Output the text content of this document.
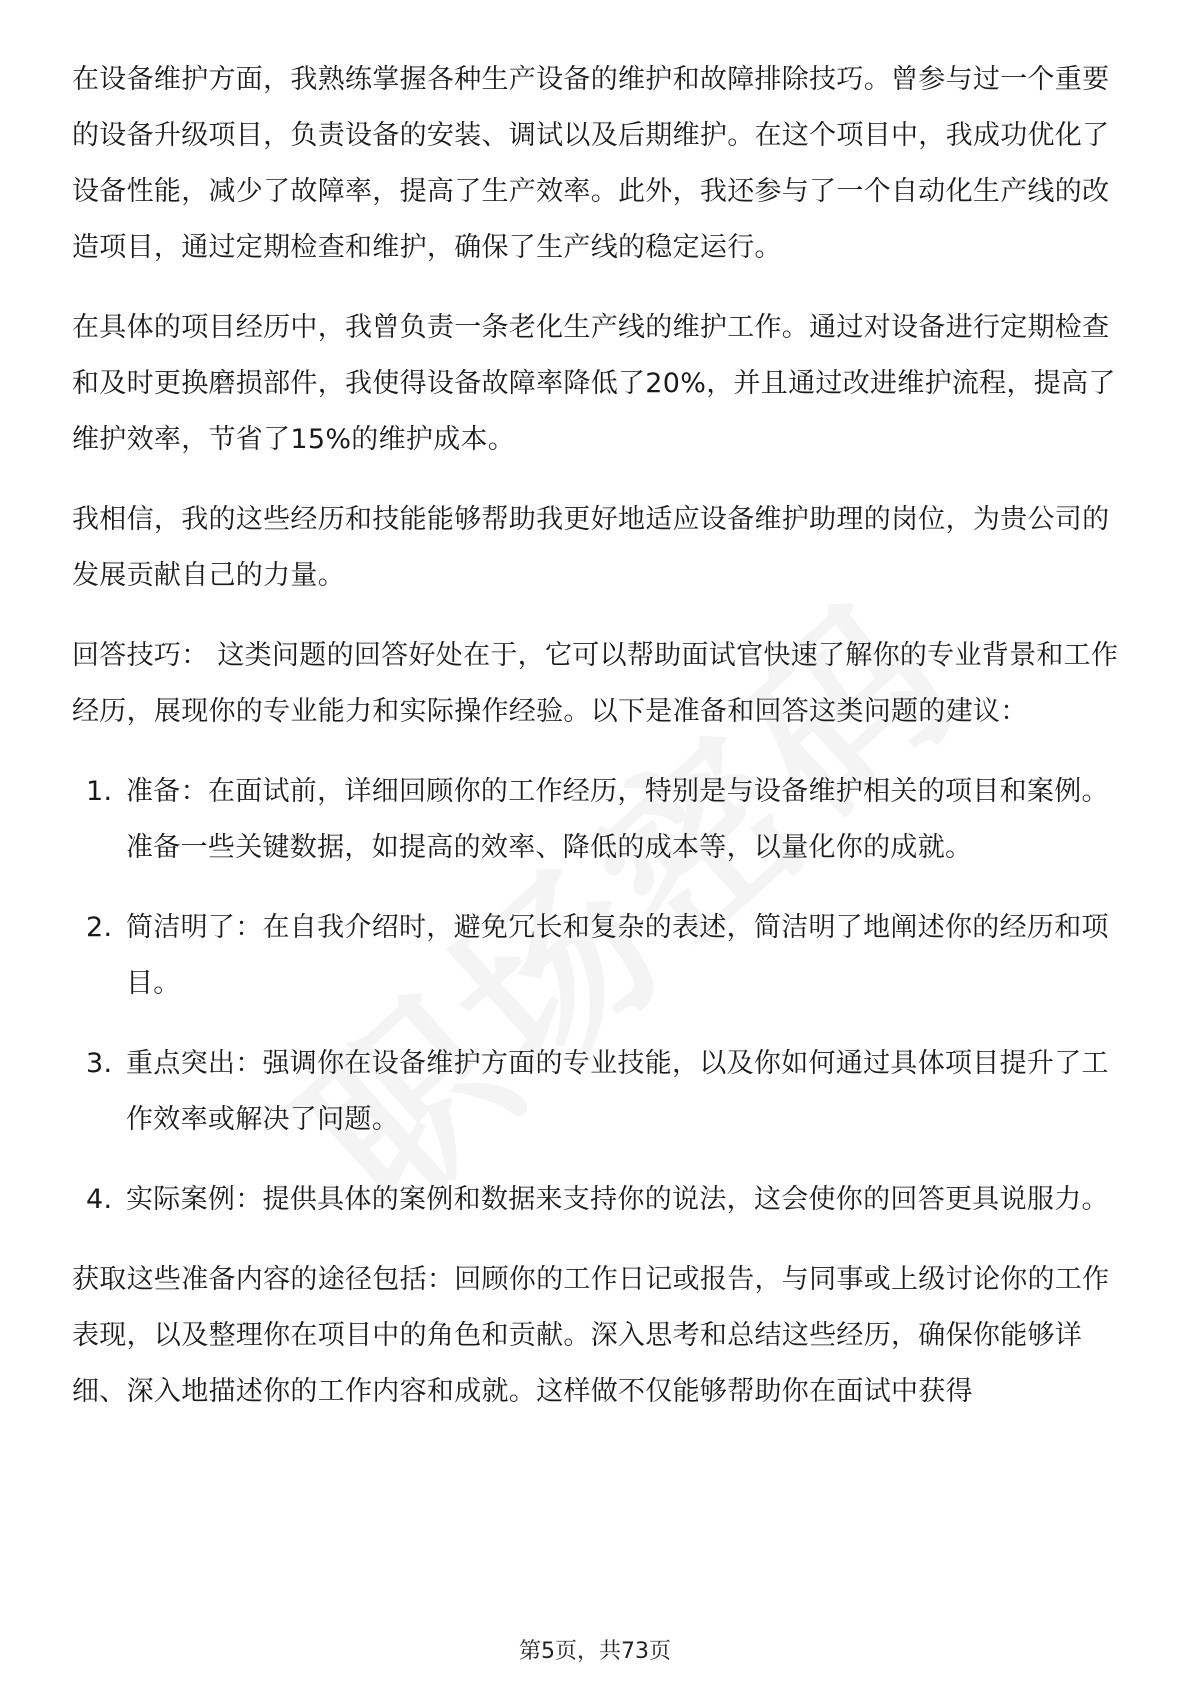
在设备维护方面，我熟练掌握各种生产设备的维护和故障排除技巧。曾参与过一个重要的设备升级项目，负责设备的安装、调试以及后期维护。在这个项目中，我成功优化了设备性能，减少了故障率，提高了生产效率。此外，我还参与了一个自动化生产线的改造项目，通过定期检查和维护，确保了生产线的稳定运行。

在具体的项目经历中，我曾负责一条老化生产线的维护工作。通过对设备进行定期检查和及时更换磨损部件，我使得设备故障率降低了20%，并且通过改进维护流程，提高了维护效率，节省了15%的维护成本。

我相信，我的这些经历和技能能够帮助我更好地适应设备维护助理的岗位，为贵公司的发展贡献自己的力量。

回答技巧： 这类问题的回答好处在于，它可以帮助面试官快速了解你的专业背景和工作经历，展现你的专业能力和实际操作经验。以下是准备和回答这类问题的建议：

1. 准备：在面试前，详细回顾你的工作经历，特别是与设备维护相关的项目和案例。准备一些关键数据，如提高的效率、降低的成本等，以量化你的成就。
2. 简洁明了：在自我介绍时，避免冗长和复杂的表述，简洁明了地阐述你的经历和项目。
3. 重点突出：强调你在设备维护方面的专业技能，以及你如何通过具体项目提升了工作效率或解决了问题。
4. 实际案例：提供具体的案例和数据来支持你的说法，这会使你的回答更具说服力。

获取这些准备内容的途径包括：回顾你的工作日记或报告，与同事或上级讨论你的工作表现，以及整理你在项目中的角色和贡献。深入思考和总结这些经历，确保你能够详细、深入地描述你的工作内容和成就。这样做不仅能够帮助你在面试中获得

第5页，共73页
